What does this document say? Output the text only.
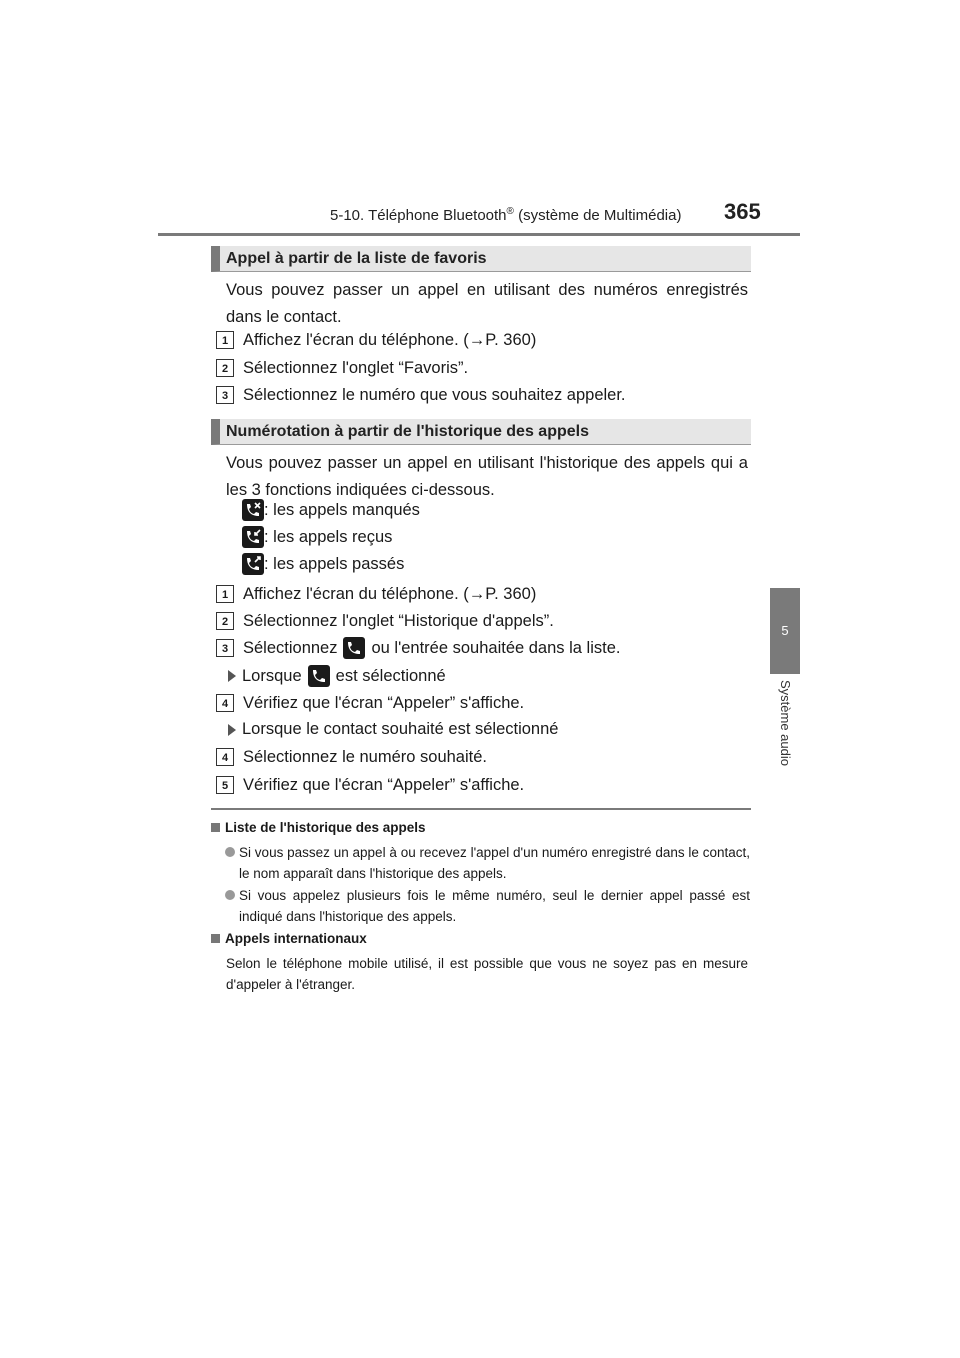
5-10. Téléphone Bluetooth® (système de Multimédia) 365
5
Système audio
Appel à partir de la liste de favoris
Vous pouvez passer un appel en utilisant des numéros enregistrés dans le contact.
1 Affichez l'écran du téléphone. (→P. 360)
2 Sélectionnez l'onglet “Favoris”.
3 Sélectionnez le numéro que vous souhaitez appeler.
Numérotation à partir de l'historique des appels
Vous pouvez passer un appel en utilisant l'historique des appels qui a les 3 fonctions indiquées ci-dessous.
: les appels manqués
: les appels reçus
: les appels passés
1 Affichez l'écran du téléphone. (→P. 360)
2 Sélectionnez l'onglet “Historique d'appels”.
3 Sélectionnez ou l'entrée souhaitée dans la liste.
Lorsque est sélectionné
4 Vérifiez que l'écran “Appeler” s'affiche.
Lorsque le contact souhaité est sélectionné
4 Sélectionnez le numéro souhaité.
5 Vérifiez que l'écran “Appeler” s'affiche.
Liste de l'historique des appels
Si vous passez un appel à ou recevez l'appel d'un numéro enregistré dans le contact, le nom apparaît dans l'historique des appels.
Si vous appelez plusieurs fois le même numéro, seul le dernier appel passé est indiqué dans l'historique des appels.
Appels internationaux
Selon le téléphone mobile utilisé, il est possible que vous ne soyez pas en mesure d'appeler à l'étranger.
